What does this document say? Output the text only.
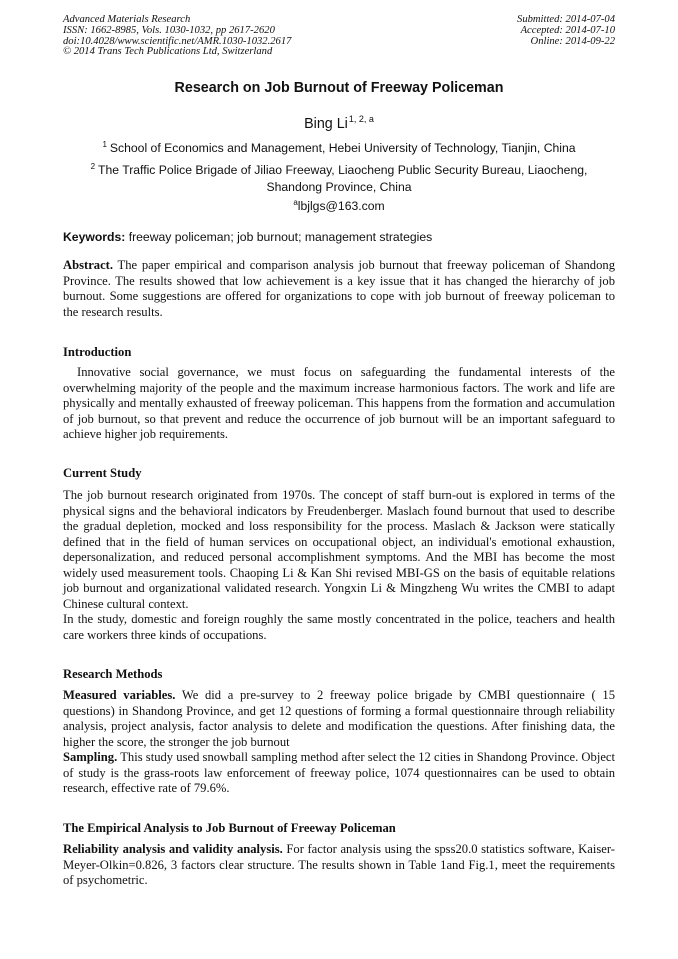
Advanced Materials Research
ISSN: 1662-8985, Vols. 1030-1032, pp 2617-2620
doi:10.4028/www.scientific.net/AMR.1030-1032.2617
© 2014 Trans Tech Publications Ltd, Switzerland
Submitted: 2014-07-04
Accepted: 2014-07-10
Online: 2014-09-22
Research on Job Burnout of Freeway Policeman
Bing Li$^{1, 2, a}$
$^1$ School of Economics and Management, Hebei University of Technology, Tianjin, China
$^2$ The Traffic Police Brigade of Jiliao Freeway, Liaocheng Public Security Bureau, Liaocheng,
Shandong Province, China
$^a$lbjlgs@163.com
Keywords: freeway policeman; job burnout; management strategies

Abstract. The paper empirical and comparison analysis job burnout that freeway policeman of Shandong Province. The results showed that low achievement is a key issue that it has changed the hierarchy of job burnout. Some suggestions are offered for organizations to cope with job burnout of freeway policeman to the research results.

Introduction

Innovative social governance, we must focus on safeguarding the fundamental interests of the overwhelming majority of the people and the maximum increase harmonious factors. The work and life are physically and mentally exhausted of freeway policeman. This happens from the formation and accumulation of job burnout, so that prevent and reduce the occurrence of job burnout will be an important safeguard to achieve higher job requirements.

Current Study

The job burnout research originated from 1970s. The concept of staff burn-out is explored in terms of the physical signs and the behavioral indicators by Freudenberger. Maslach found burnout that used to describe the gradual depletion, mocked and loss responsibility for the process. Maslach & Jackson were statically defined that in the field of human services on occupational object, an individual's emotional exhaustion, depersonalization, and reduced personal accomplishment symptoms. And the MBI has become the most widely used measurement tools. Chaoping Li & Kan Shi revised MBI-GS on the basis of equitable relations job burnout and organizational validated research. Yongxin Li & Mingzheng Wu writes the CMBI to adapt Chinese cultural context.

In the study, domestic and foreign roughly the same mostly concentrated in the police, teachers and health care workers three kinds of occupations.

Research Methods

Measured variables. We did a pre-survey to 2 freeway police brigade by CMBI questionnaire ( 15 questions) in Shandong Province, and get 12 questions of forming a formal questionnaire through reliability analysis, project analysis, factor analysis to delete and modification the questions. After finishing data, the higher the score, the stronger the job burnout

Sampling. This study used snowball sampling method after select the 12 cities in Shandong Province. Object of study is the grass-roots law enforcement of freeway police, 1074 questionnaires can be used to obtain research, effective rate of 79.6%.

The Empirical Analysis to Job Burnout of Freeway Policeman

Reliability analysis and validity analysis. For factor analysis using the spss20.0 statistics software, Kaiser-Meyer-Olkin=0.826, 3 factors clear structure. The results shown in Table 1and Fig.1, meet the requirements of psychometric.
